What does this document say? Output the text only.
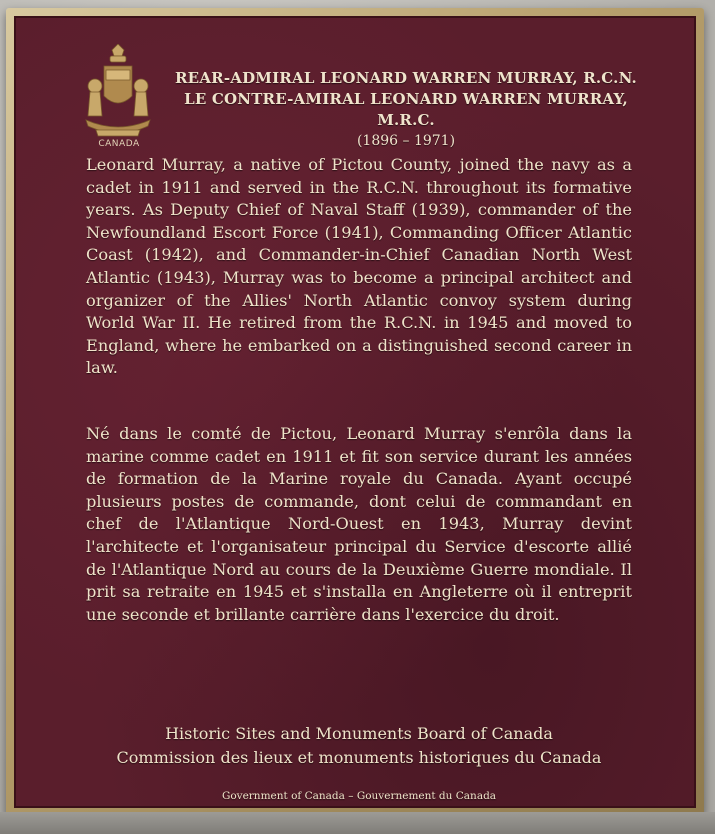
CANADA
REAR-ADMIRAL LEONARD WARREN MURRAY, R.C.N.
LE CONTRE-AMIRAL LEONARD WARREN MURRAY, M.R.C.
(1896 – 1971)
Leonard Murray, a native of Pictou County, joined the navy as a cadet in 1911 and served in the R.C.N. throughout its formative years. As Deputy Chief of Naval Staff (1939), commander of the Newfoundland Escort Force (1941), Commanding Officer Atlantic Coast (1942), and Commander-in-Chief Canadian North West Atlantic (1943), Murray was to become a principal architect and organizer of the Allies' North Atlantic convoy system during World War II. He retired from the R.C.N. in 1945 and moved to England, where he embarked on a distinguished second career in law.
Né dans le comté de Pictou, Leonard Murray s'enrôla dans la marine comme cadet en 1911 et fit son service durant les années de formation de la Marine royale du Canada. Ayant occupé plusieurs postes de commande, dont celui de commandant en chef de l'Atlantique Nord-Ouest en 1943, Murray devint l'architecte et l'organisateur principal du Service d'escorte allié de l'Atlantique Nord au cours de la Deuxième Guerre mondiale. Il prit sa retraite en 1945 et s'installa en Angleterre où il entreprit une seconde et brillante carrière dans l'exercice du droit.
Historic Sites and Monuments Board of Canada
Commission des lieux et monuments historiques du Canada
Government of Canada – Gouvernement du Canada
